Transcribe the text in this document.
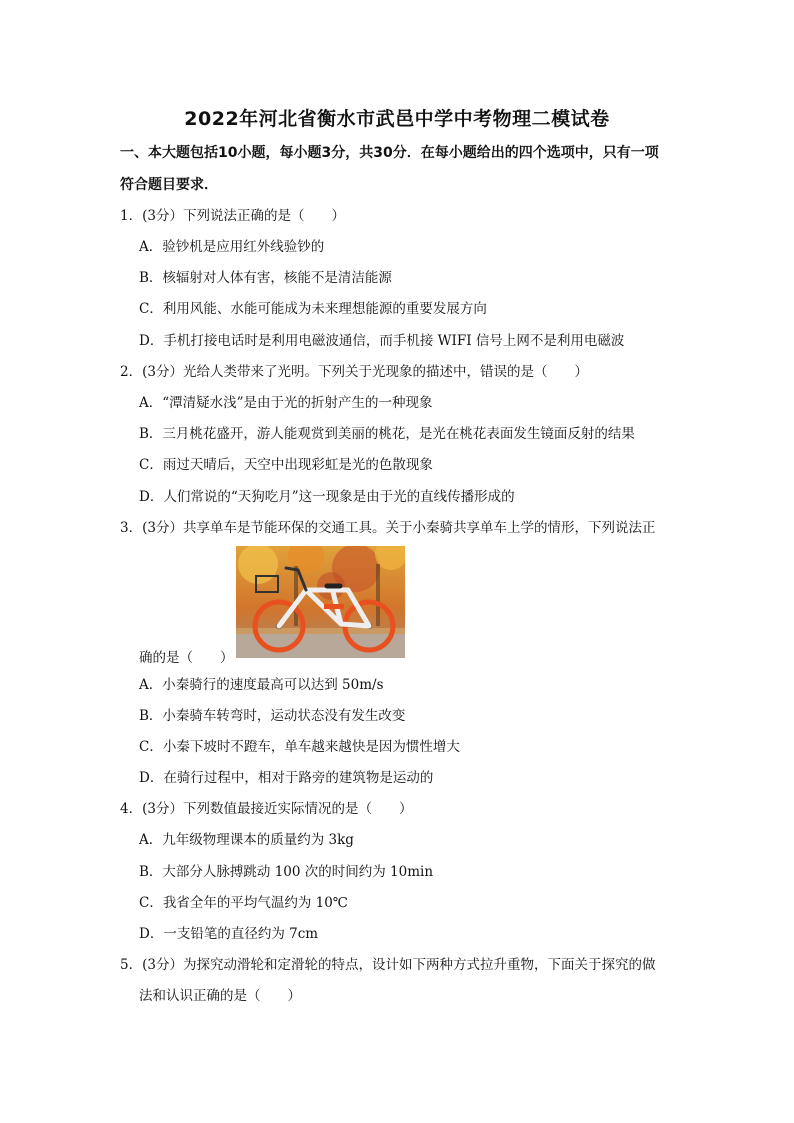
2022年河北省衡水市武邑中学中考物理二模试卷
一、本大题包括10小题，每小题3分，共30分．在每小题给出的四个选项中，只有一项
符合题目要求．
1．(3分）下列说法正确的是（　　）
A．验钞机是应用红外线验钞的
B．核辐射对人体有害，核能不是清洁能源
C．利用风能、水能可能成为未来理想能源的重要发展方向
D．手机打接电话时是利用电磁波通信，而手机接 WIFI 信号上网不是利用电磁波
2．(3分）光给人类带来了光明。下列关于光现象的描述中，错误的是（　　）
A．“潭清疑水浅”是由于光的折射产生的一种现象
B．三月桃花盛开，游人能观赏到美丽的桃花，是光在桃花表面发生镜面反射的结果
C．雨过天晴后，天空中出现彩虹是光的色散现象
D．人们常说的“天狗吃月”这一现象是由于光的直线传播形成的
3．(3分）共享单车是节能环保的交通工具。关于小秦骑共享单车上学的情形，下列说法正
确的是（　　）
A．小秦骑行的速度最高可以达到 50m/s
B．小秦骑车转弯时，运动状态没有发生改变
C．小秦下坡时不蹬车，单车越来越快是因为惯性增大
D．在骑行过程中，相对于路旁的建筑物是运动的
4．(3分）下列数值最接近实际情况的是（　　）
A．九年级物理课本的质量约为 3kg
B．大部分人脉搏跳动 100 次的时间约为 10min
C．我省全年的平均气温约为 10℃
D．一支铅笔的直径约为 7cm
5．(3分）为探究动滑轮和定滑轮的特点，设计如下两种方式拉升重物，下面关于探究的做
法和认识正确的是（　　）
